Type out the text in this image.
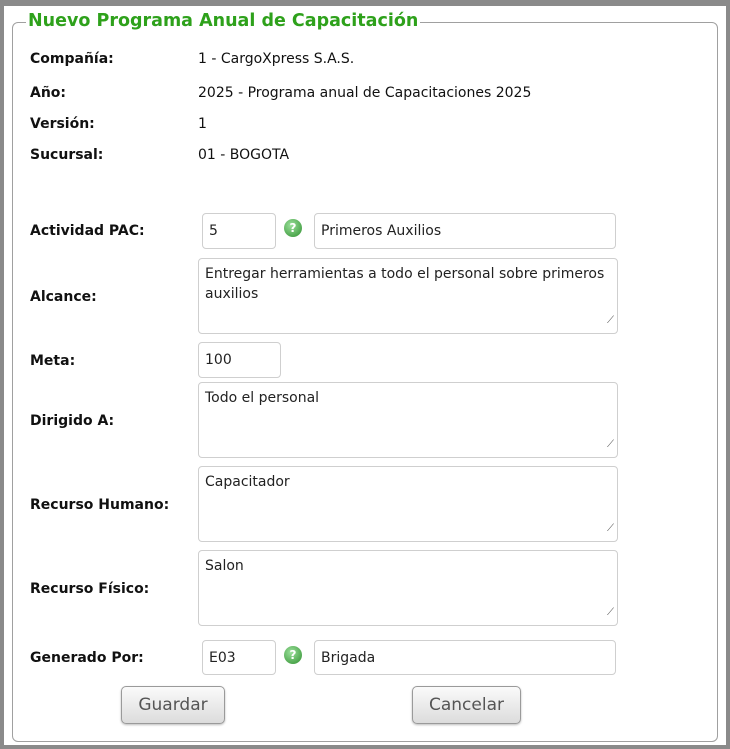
Nuevo Programa Anual de Capacitación
Compañía:	1 - CargoXpress S.A.S.
Año:	2025 - Programa anual de Capacitaciones 2025
Versión:	1
Sucursal:	01 - BOGOTA
Actividad PAC:	5	?	Primeros Auxilios
Alcance:
Entregar herramientas a todo el personal sobre primeros auxilios
⟋
Meta:	100
Dirigido A:
Todo el personal
⟋
Recurso Humano:
Capacitador
⟋
Recurso Físico:
Salon
⟋
Generado Por:	E03	?	Brigada
Guardar	Cancelar
